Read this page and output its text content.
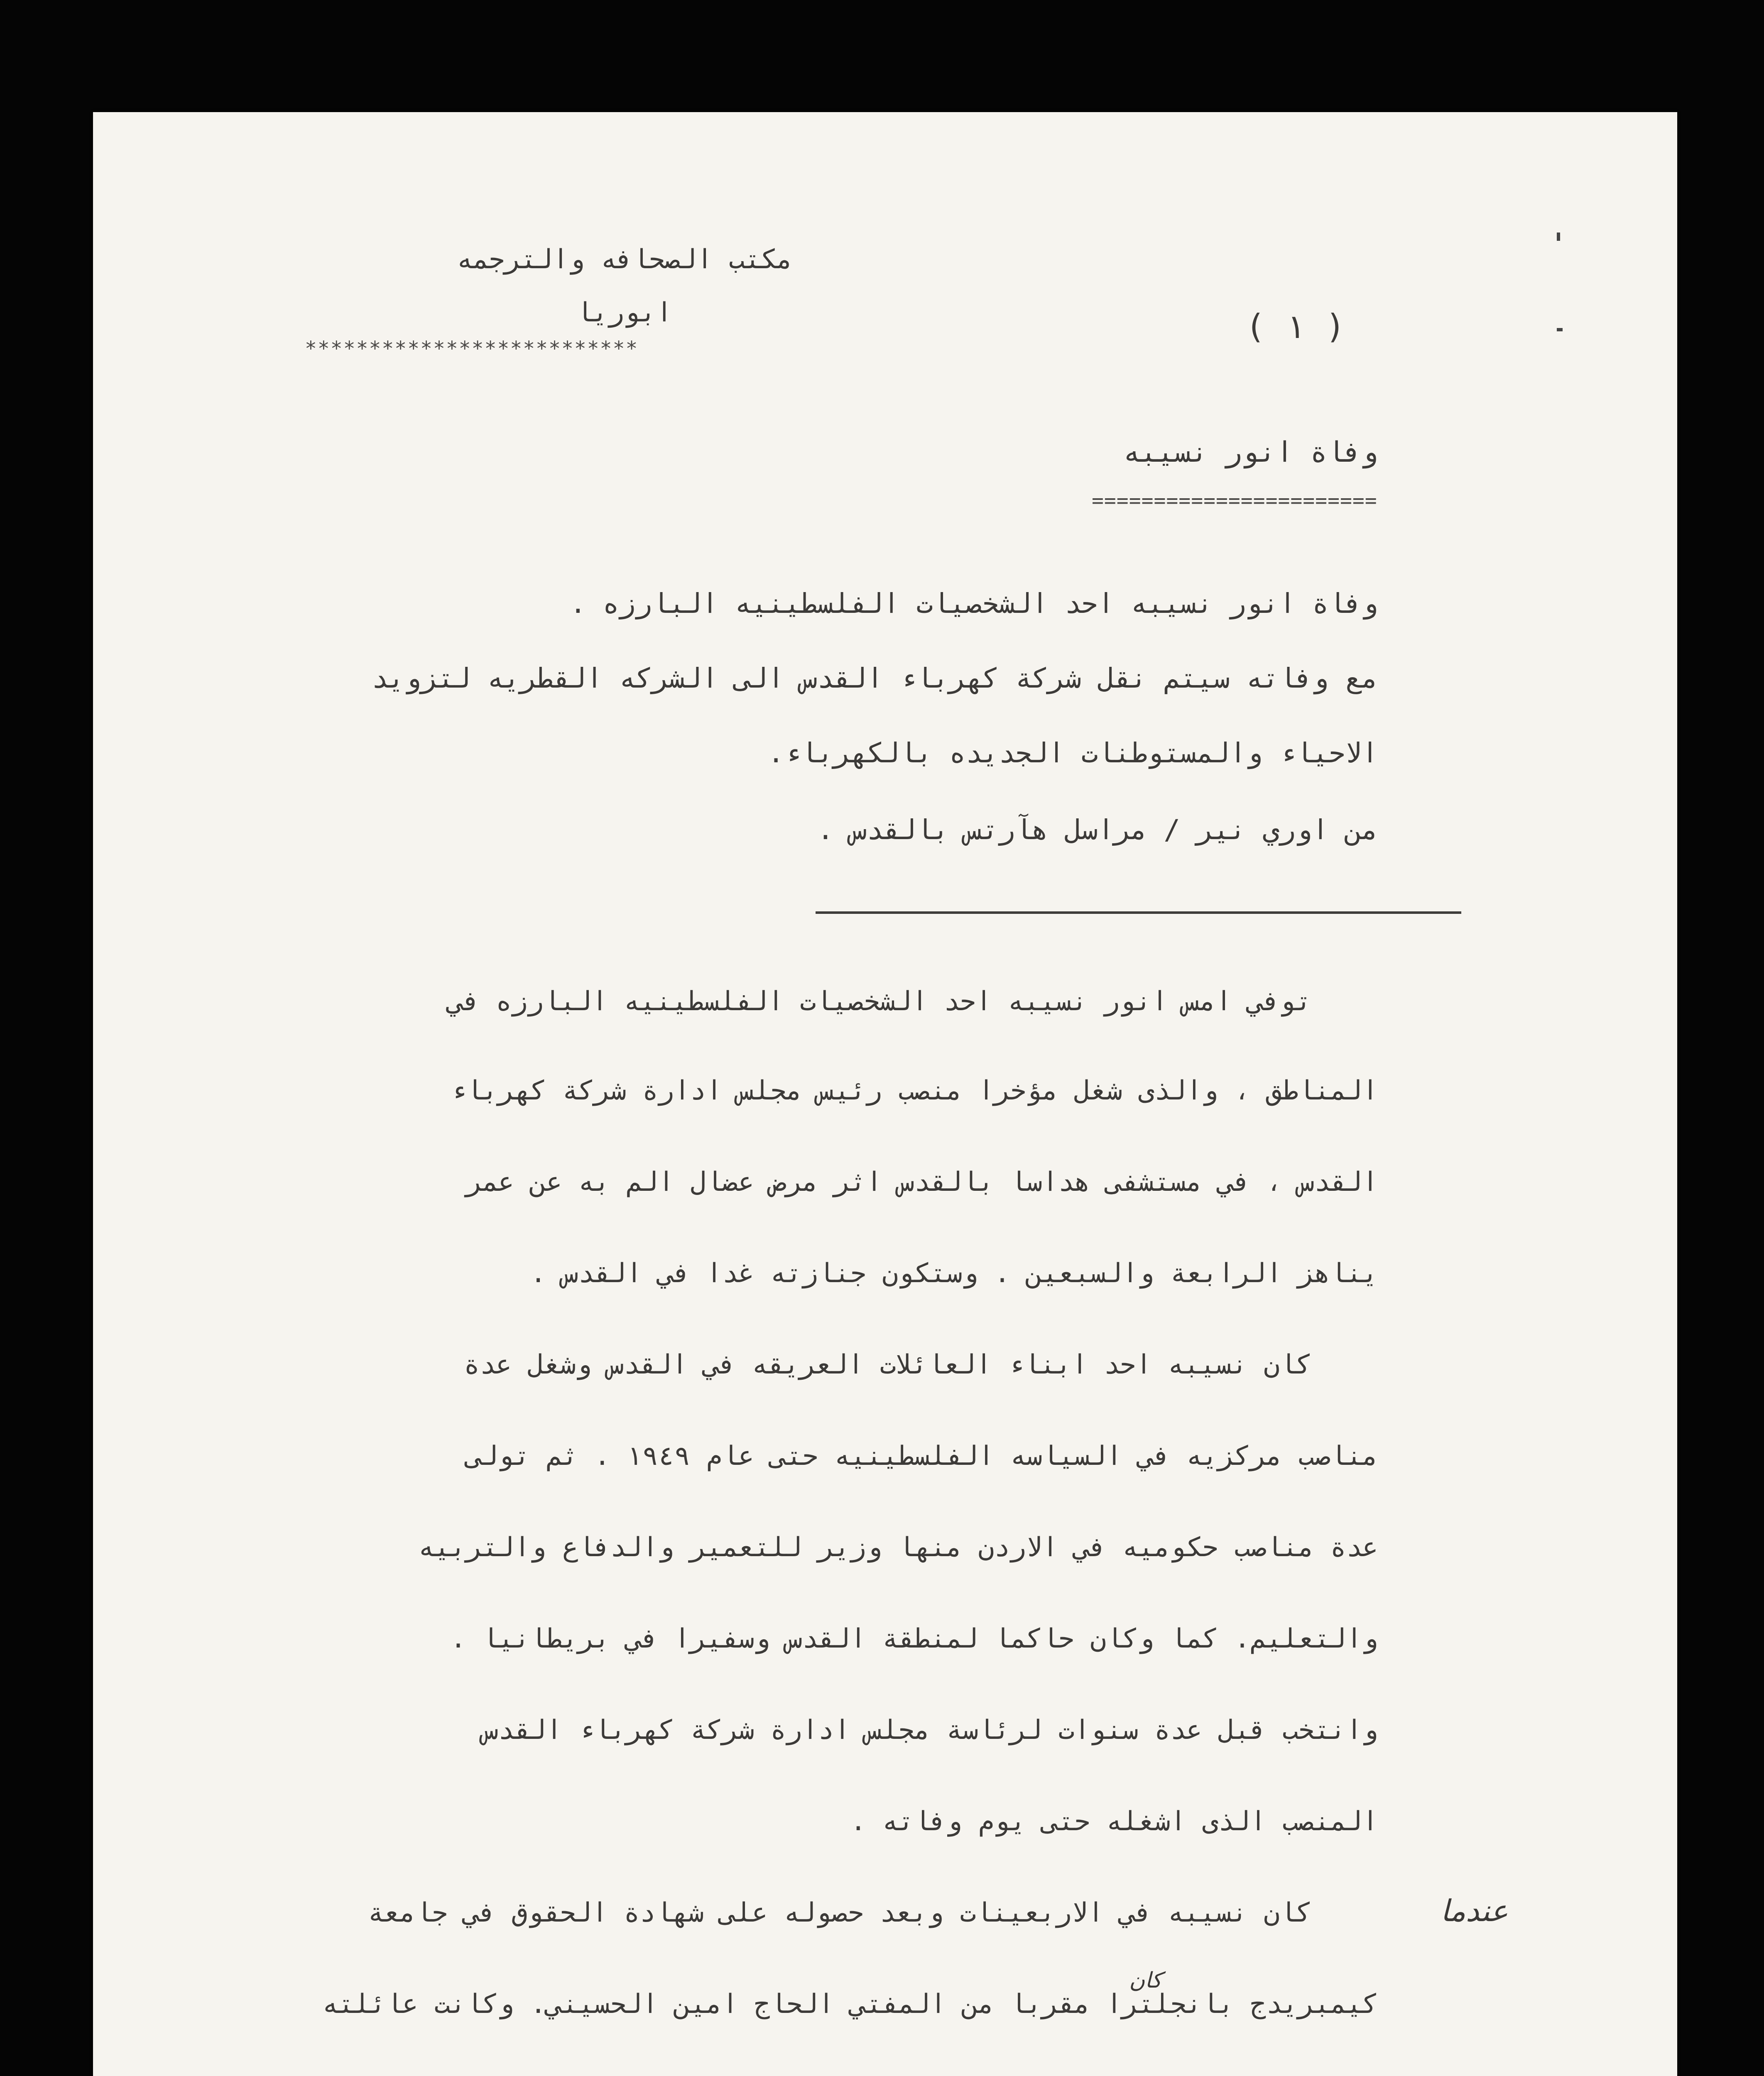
مكتب الصحافه والترجمه
ابوريا
**************************
( ١ )
وفاة انور نسيبه
=======================
وفاة انور نسيبه احد الشخصيات الفلسطينيه البارزه .
مع وفاته سيتم نقل شركة كهرباء القدس الى الشركه القطريه لتزويد
الاحياء والمستوطنات الجديده بالكهرباء.
من اوري نير / مراسل هآرتس بالقدس .
توفي امس انور نسيبه احد الشخصيات الفلسطينيه البارزه في
المناطق ، والذى شغل مؤخرا منصب رئيس مجلس ادارة شركة كهرباء
القدس ، في مستشفى هداسا بالقدس اثر مرض عضال الم به عن عمر
يناهز الرابعة والسبعين . وستكون جنازته غدا في القدس .
كان نسيبه احد ابناء العائلات العريقه في القدس وشغل عدة
مناصب مركزيه في السياسه الفلسطينيه حتى عام ١٩٤٩ . ثم تولى
عدة مناصب حكوميه في الاردن منها وزير للتعمير والدفاع والتربيه
والتعليم. كما وكان حاكما لمنطقة القدس وسفيرا في بريطانيا .
وانتخب قبل عدة سنوات لرئاسة مجلس ادارة شركة كهرباء القدس
المنصب الذى اشغله حتى يوم وفاته .
كان نسيبه في الاربعينات وبعد حصوله على شهادة الحقوق في جامعة
كيمبريدج بانجلترا مقربا من المفتي الحاج امين الحسيني. وكانت عائلته
عندما
كان
